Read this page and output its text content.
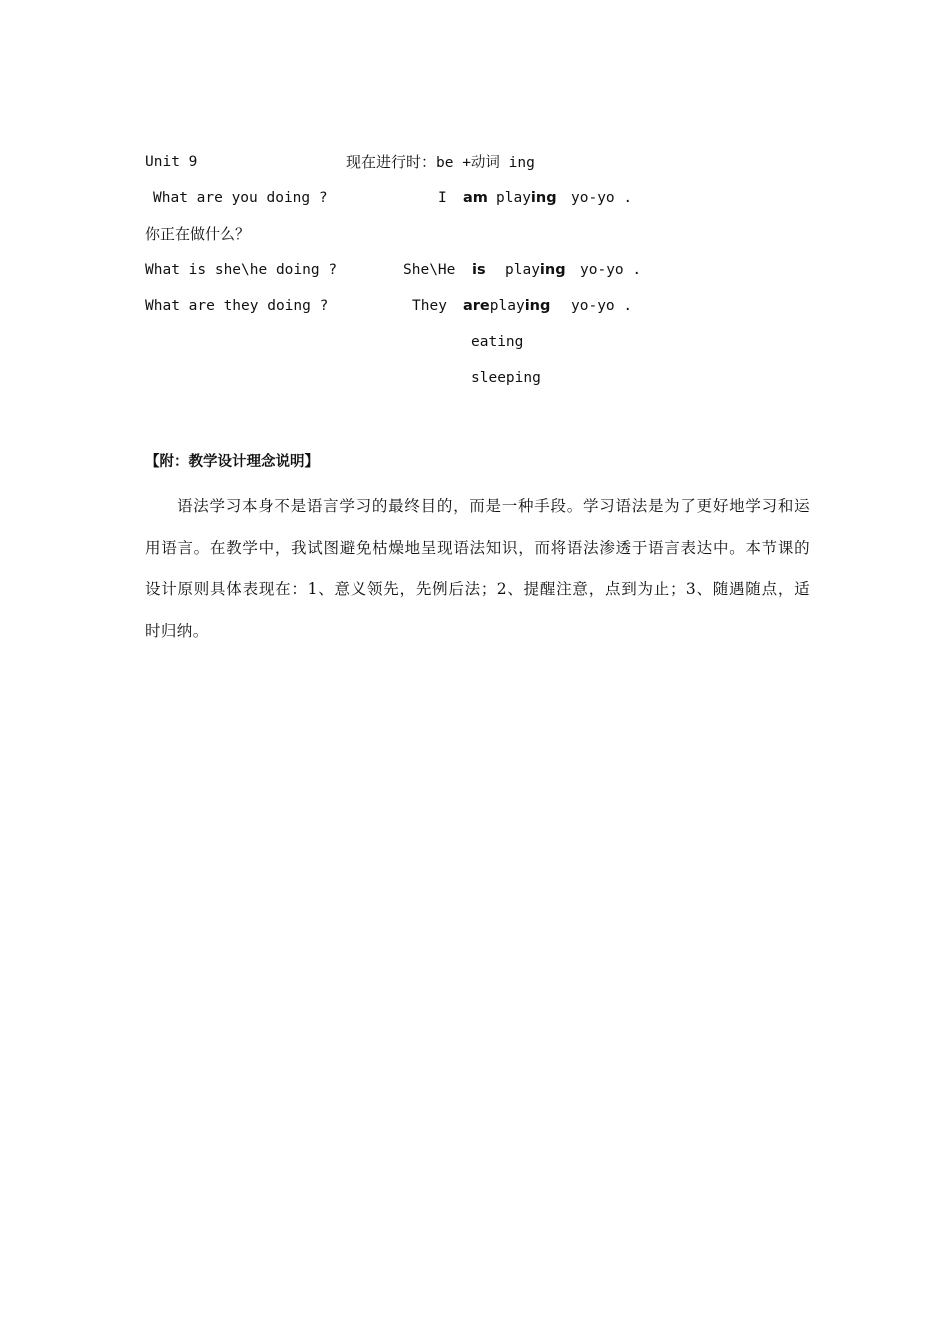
Unit 9	现在进行时：be +动词 ing
What are you doing ?	I am playing yo-yo .
你正在做什么？
What is she\he doing ?	She\He is playing yo-yo .
What are they doing ?	They areplaying yo-yo .
eating
sleeping
【附：教学设计理念说明】
语法学习本身不是语言学习的最终目的，而是一种手段。学习语法是为了更好地学习和运用语言。在教学中，我试图避免枯燥地呈现语法知识，而将语法渗透于语言表达中。本节课的设计原则具体表现在：1、意义领先，先例后法；2、提醒注意，点到为止；3、随遇随点，适时归纳。
